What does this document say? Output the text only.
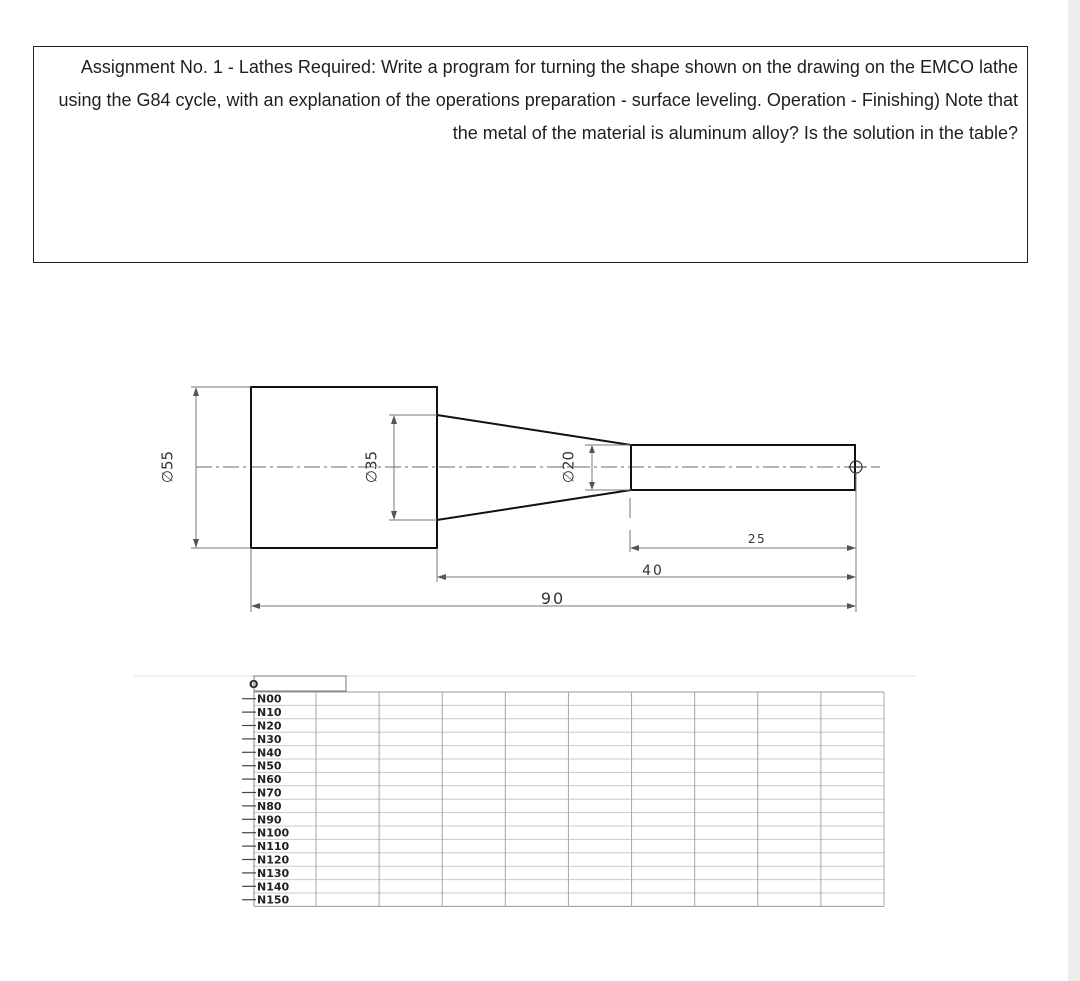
Assignment No. 1 - Lathes Required: Write a program for turning the shape shown on the drawing on the EMCO lathe using the G84 cycle, with an explanation of the operations preparation - surface leveling. Operation - Finishing) Note that the metal of the material is aluminum alloy? Is the solution in the table?

∅55	∅35	∅20
25
40
90
O
N00
N10
N20
N30
N40
N50
N60
N70
N80
N90
N100
N110
N120
N130
N140
N150
